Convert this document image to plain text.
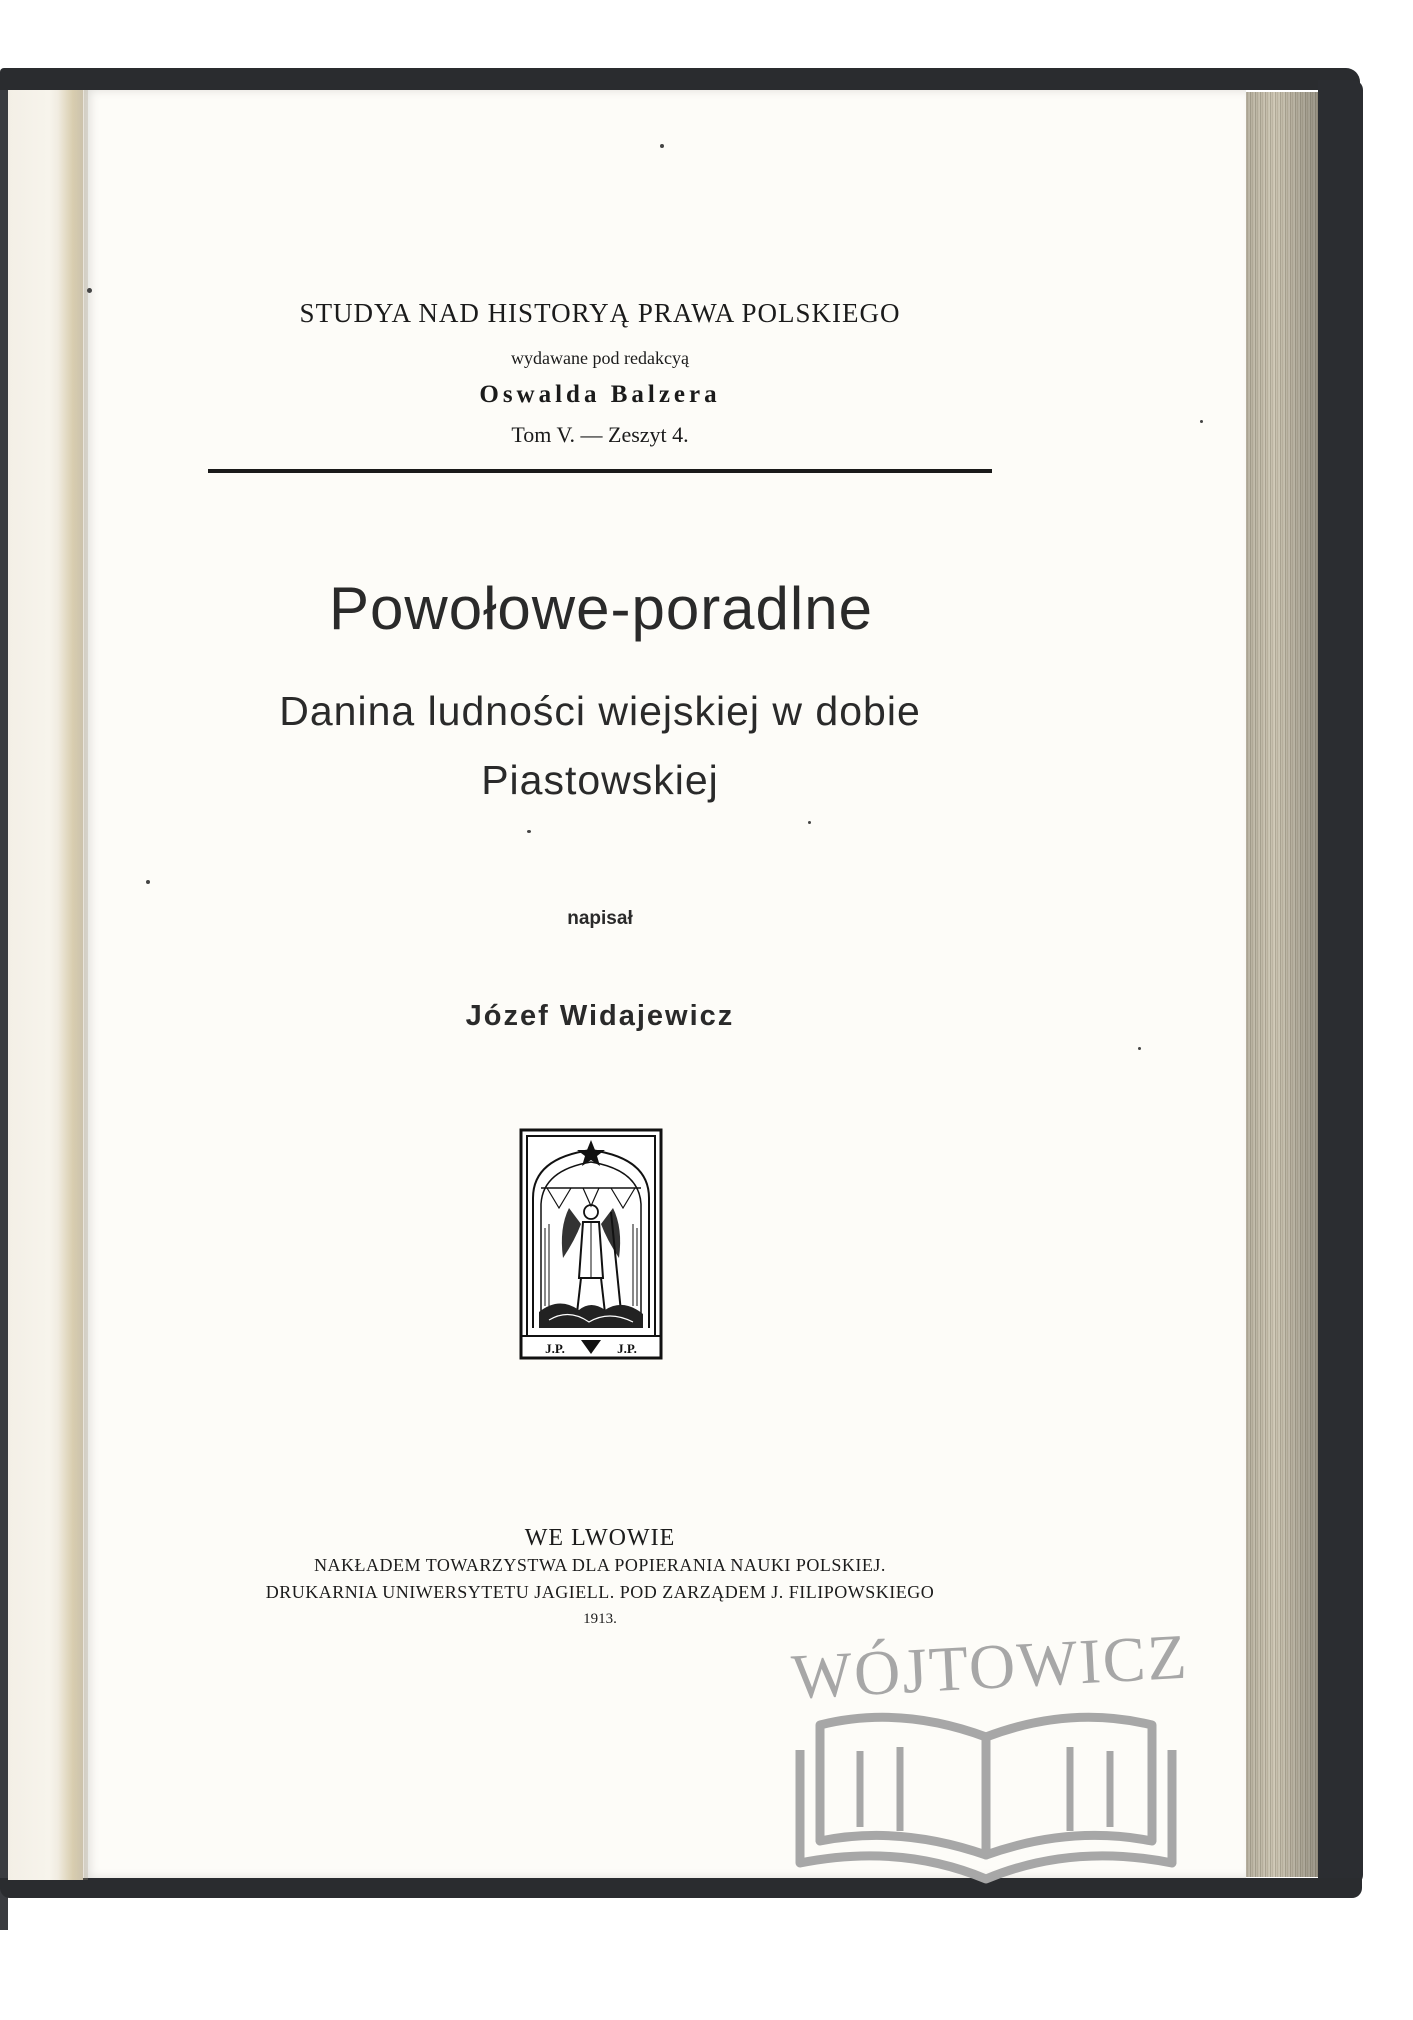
STUDYA NAD HISTORYĄ PRAWA POLSKIEGO
wydawane pod redakcyą
Oswalda Balzera
Tom V. — Zeszyt 4.
Powołowe-poradlne
Danina ludności wiejskiej w dobie
Piastowskiej
napisał
Józef Widajewicz
J.P.	J.P.
WE LWOWIE
NAKŁADEM TOWARZYSTWA DLA POPIERANIA NAUKI POLSKIEJ.
DRUKARNIA UNIWERSYTETU JAGIELL. POD ZARZĄDEM J. FILIPOWSKIEGO
1913.
WÓJTOWICZ
